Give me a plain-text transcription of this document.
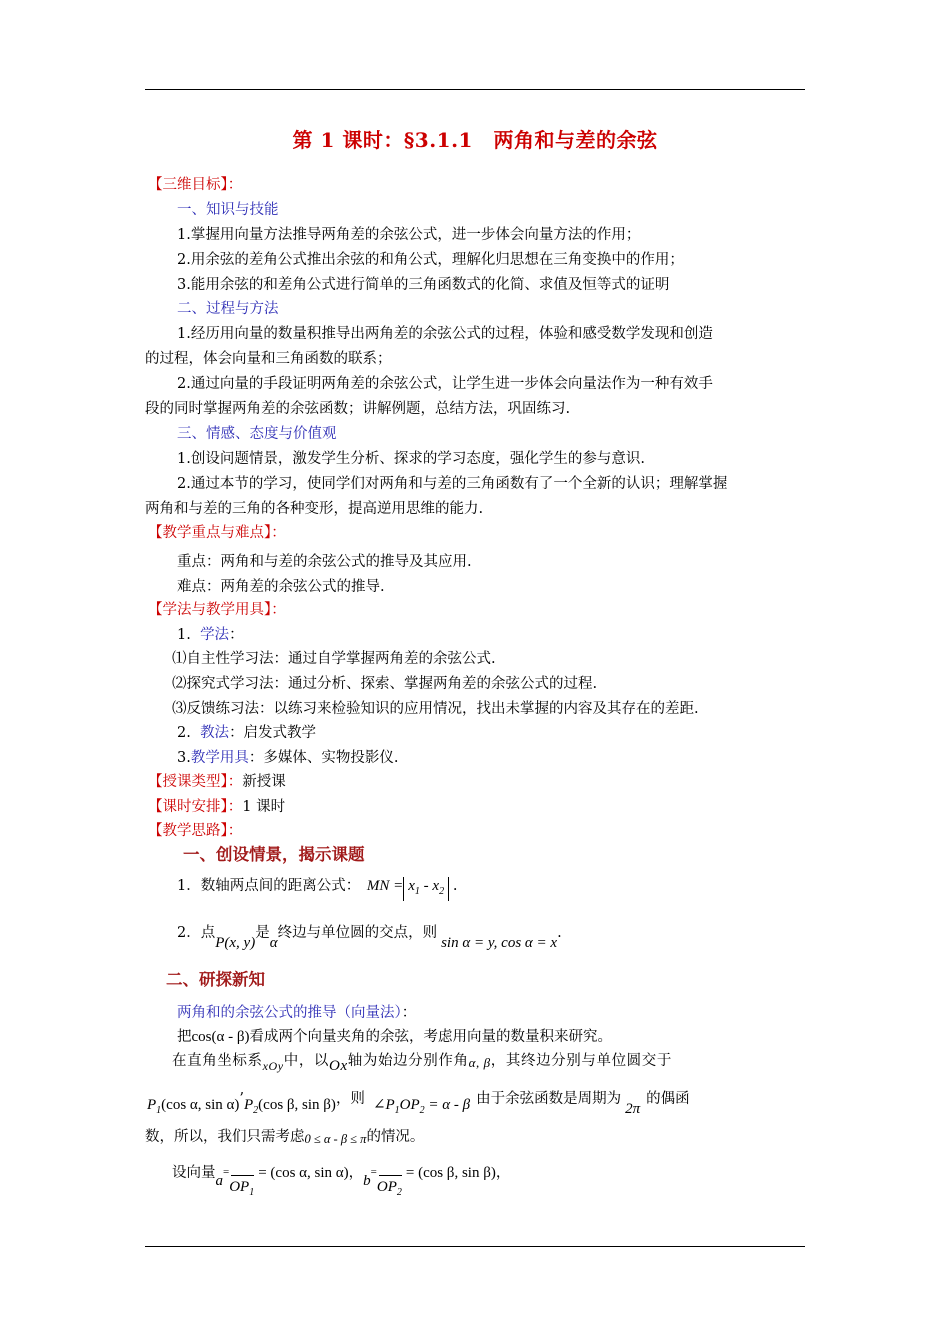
第 1 课时：§3.1.1　两角和与差的余弦
【三维目标】：
一、知识与技能
1.掌握用向量方法推导两角差的余弦公式，进一步体会向量方法的作用；
2.用余弦的差角公式推出余弦的和角公式，理解化归思想在三角变换中的作用；
3.能用余弦的和差角公式进行简单的三角函数式的化简、求值及恒等式的证明
二、过程与方法
1.经历用向量的数量积推导出两角差的余弦公式的过程，体验和感受数学发现和创造
的过程，体会向量和三角函数的联系；
2.通过向量的手段证明两角差的余弦公式，让学生进一步体会向量法作为一种有效手
段的同时掌握两角差的余弦函数；讲解例题，总结方法，巩固练习.
三、情感、态度与价值观
1.创设问题情景，激发学生分析、探求的学习态度，强化学生的参与意识.
2.通过本节的学习，使同学们对两角和与差的三角函数有了一个全新的认识；理解掌握
两角和与差的三角的各种变形，提高逆用思维的能力.
【教学重点与难点】：
重点：两角和与差的余弦公式的推导及其应用.
难点：两角差的余弦公式的推导.
【学法与教学用具】：
1. 学法：
⑴自主性学习法：通过自学掌握两角差的余弦公式.
⑵探究式学习法：通过分析、探索、掌握两角差的余弦公式的过程.
⑶反馈练习法：以练习来检验知识的应用情况，找出未掌握的内容及其存在的差距.
2. 教法：启发式教学
3.教学用具：多媒体、实物投影仪.
【授课类型】：新授课
【课时安排】：1 课时
【教学思路】：
一、创设情景，揭示课题
1．数轴两点间的距离公式： MN = $x_1 - x_2$ .
2．点P(x, y)是α终边与单位圆的交点，则sin α = y, cos α = x.
二、研探新知
两角和的余弦公式的推导（向量法）：
把cos(α - β)看成两个向量夹角的余弦，考虑用向量的数量积来研究。
在直角坐标系$_{xOy}$中，以Ox轴为始边分别作角α, β，其终边分别与单位圆交于
$P_1(\cos$ α, $\sin \alpha)’P_2(\cos$ β, sin β)，则 $\angle P_1OP_2 = \alpha - \beta$ 由于余弦函数是周期为2π的偶函
数，所以，我们只需考虑0 ≤ α - β ≤ π的情况。
设向量$a=OP_1= (\cos$ α, sin α)，$b=OP_2= (\cos$ β, sin β)，
